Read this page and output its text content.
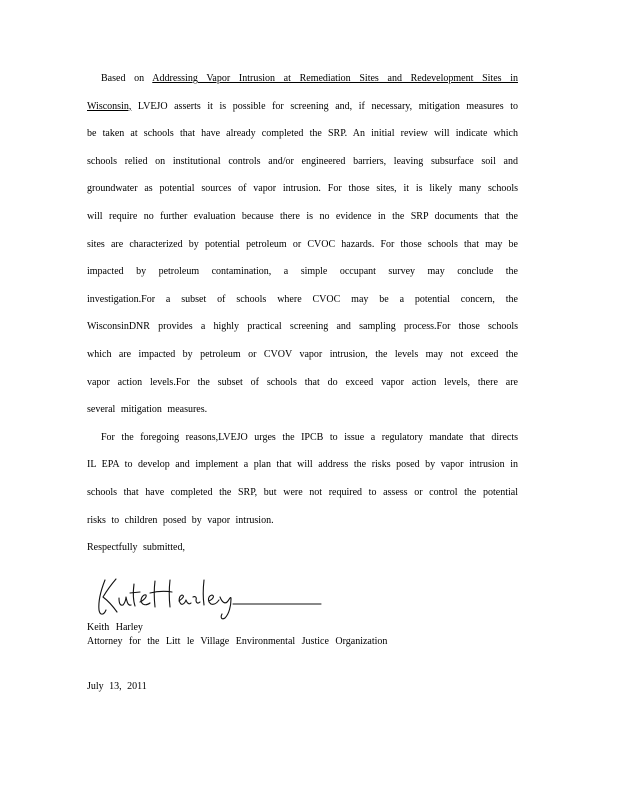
Based on Addressing Vapor Intrusion at Remediation Sites and Redevelopment Sites in Wisconsin, LVEJO asserts it is possible for screening and, if necessary, mitigation measures to be taken at schools that have already completed the SRP. An initial review will indicate which schools relied on institutional controls and/or engineered barriers, leaving subsurface soil and groundwater as potential sources of vapor intrusion. For those sites, it is likely many schools will require no further evaluation because there is no evidence in the SRP documents that the sites are characterized by potential petroleum or CVOC hazards. For those schools that may be impacted by petroleum contamination, a simple occupant survey may conclude the investigation.For a subset of schools where CVOC may be a potential concern, the WisconsinDNR provides a highly practical screening and sampling process.For those schools which are impacted by petroleum or CVOV vapor intrusion, the levels may not exceed the vapor action levels.For the subset of schools that do exceed vapor action levels, there are several mitigation measures.

For the foregoing reasons,LVEJO urges the IPCB to issue a regulatory mandate that directs IL EPA to develop and implement a plan that will address the risks posed by vapor intrusion in schools that have completed the SRP, but were not required to assess or control the potential risks to children posed by vapor intrusion.

Respectfully submitted,

Keith Harley
Attorney for the Litt le Village Environmental Justice Organization
July 13, 2011
